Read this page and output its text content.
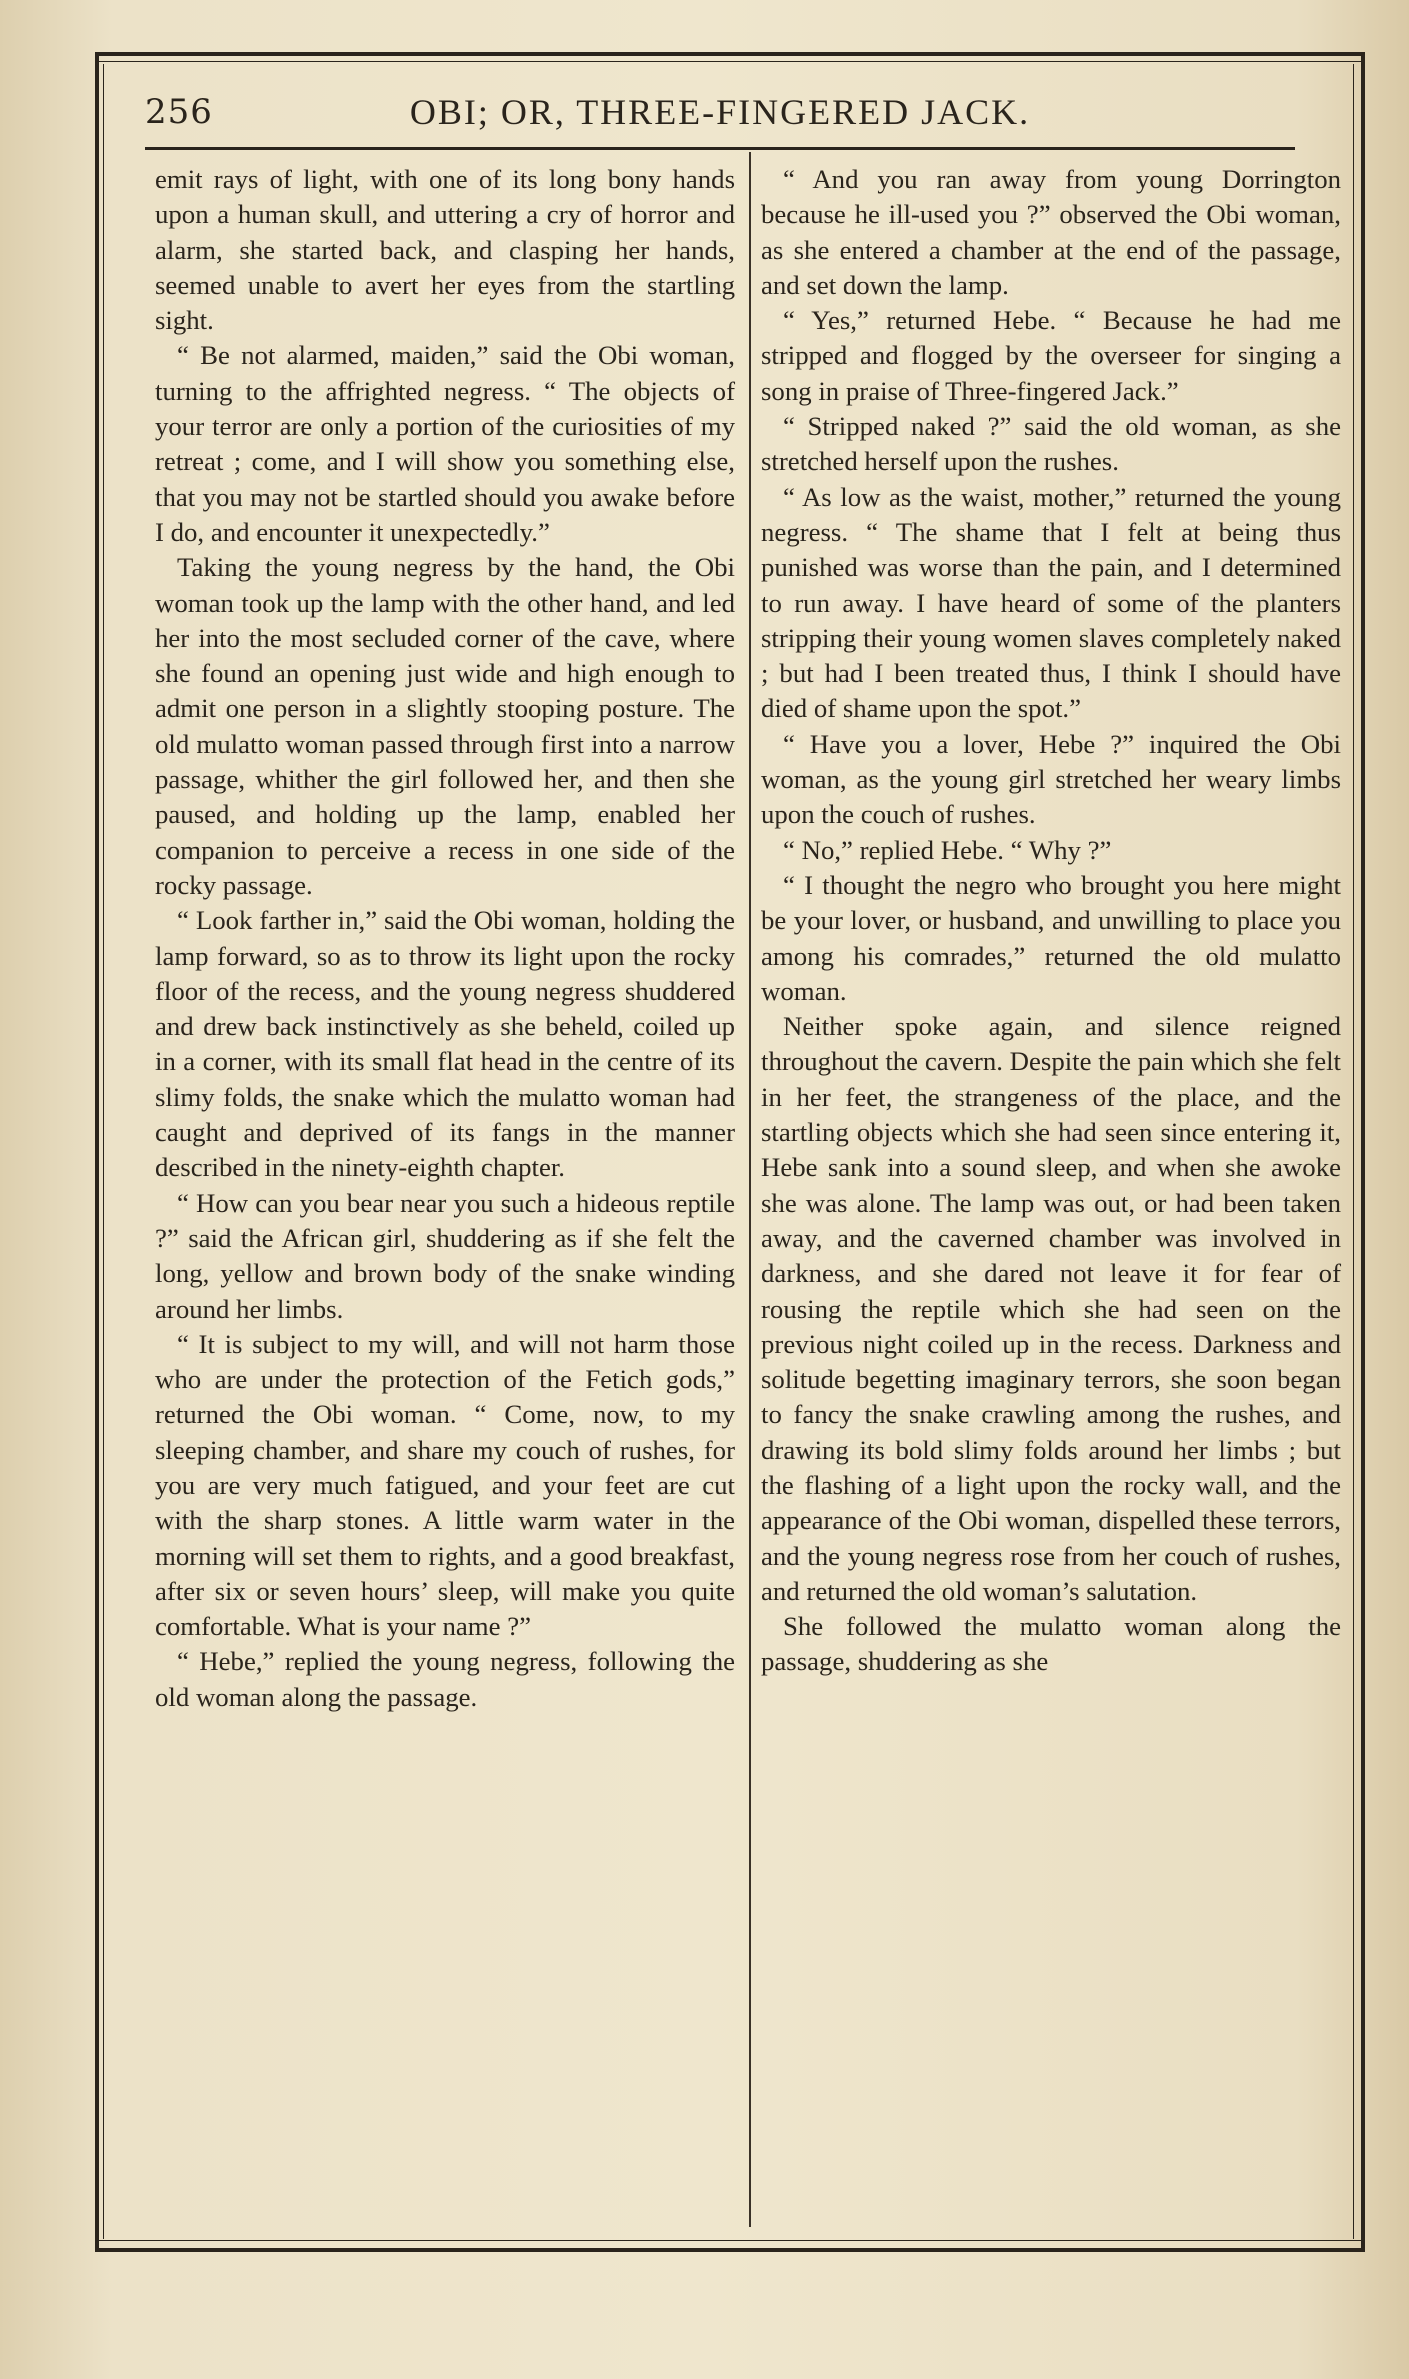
256	OBI; OR, THREE-FINGERED JACK.

emit rays of light, with one of its long bony hands upon a human skull, and uttering a cry of horror and alarm, she started back, and clasping her hands, seemed unable to avert her eyes from the startling sight.

“ Be not alarmed, maiden,” said the Obi woman, turning to the affrighted negress. “ The objects of your terror are only a portion of the curiosities of my retreat ; come, and I will show you something else, that you may not be startled should you awake before I do, and encounter it unexpectedly.”

Taking the young negress by the hand, the Obi woman took up the lamp with the other hand, and led her into the most secluded corner of the cave, where she found an opening just wide and high enough to admit one person in a slightly stooping posture. The old mulatto woman passed through first into a narrow passage, whither the girl followed her, and then she paused, and holding up the lamp, enabled her companion to perceive a recess in one side of the rocky passage.

“ Look farther in,” said the Obi woman, holding the lamp forward, so as to throw its light upon the rocky floor of the recess, and the young negress shuddered and drew back instinctively as she beheld, coiled up in a corner, with its small flat head in the centre of its slimy folds, the snake which the mulatto woman had caught and deprived of its fangs in the manner described in the ninety-eighth chapter.

“ How can you bear near you such a hideous reptile ?” said the African girl, shuddering as if she felt the long, yellow and brown body of the snake winding around her limbs.

“ It is subject to my will, and will not harm those who are under the protection of the Fetich gods,” returned the Obi woman. “ Come, now, to my sleeping chamber, and share my couch of rushes, for you are very much fatigued, and your feet are cut with the sharp stones. A little warm water in the morning will set them to rights, and a good breakfast, after six or seven hours’ sleep, will make you quite comfortable. What is your name ?”

“ Hebe,” replied the young negress, following the old woman along the passage.

“ And you ran away from young Dorrington because he ill-used you ?” observed the Obi woman, as she entered a chamber at the end of the passage, and set down the lamp.

“ Yes,” returned Hebe. “ Because he had me stripped and flogged by the overseer for singing a song in praise of Three-fingered Jack.”

“ Stripped naked ?” said the old woman, as she stretched herself upon the rushes.

“ As low as the waist, mother,” returned the young negress. “ The shame that I felt at being thus punished was worse than the pain, and I determined to run away. I have heard of some of the planters stripping their young women slaves completely naked ; but had I been treated thus, I think I should have died of shame upon the spot.”

“ Have you a lover, Hebe ?” inquired the Obi woman, as the young girl stretched her weary limbs upon the couch of rushes.

“ No,” replied Hebe. “ Why ?”

“ I thought the negro who brought you here might be your lover, or husband, and unwilling to place you among his comrades,” returned the old mulatto woman.

Neither spoke again, and silence reigned throughout the cavern. Despite the pain which she felt in her feet, the strangeness of the place, and the startling objects which she had seen since entering it, Hebe sank into a sound sleep, and when she awoke she was alone. The lamp was out, or had been taken away, and the caverned chamber was involved in darkness, and she dared not leave it for fear of rousing the reptile which she had seen on the previous night coiled up in the recess. Darkness and solitude begetting imaginary terrors, she soon began to fancy the snake crawling among the rushes, and drawing its bold slimy folds around her limbs ; but the flashing of a light upon the rocky wall, and the appearance of the Obi woman, dispelled these terrors, and the young negress rose from her couch of rushes, and returned the old woman’s salutation.

She followed the mulatto woman along the passage, shuddering as she
